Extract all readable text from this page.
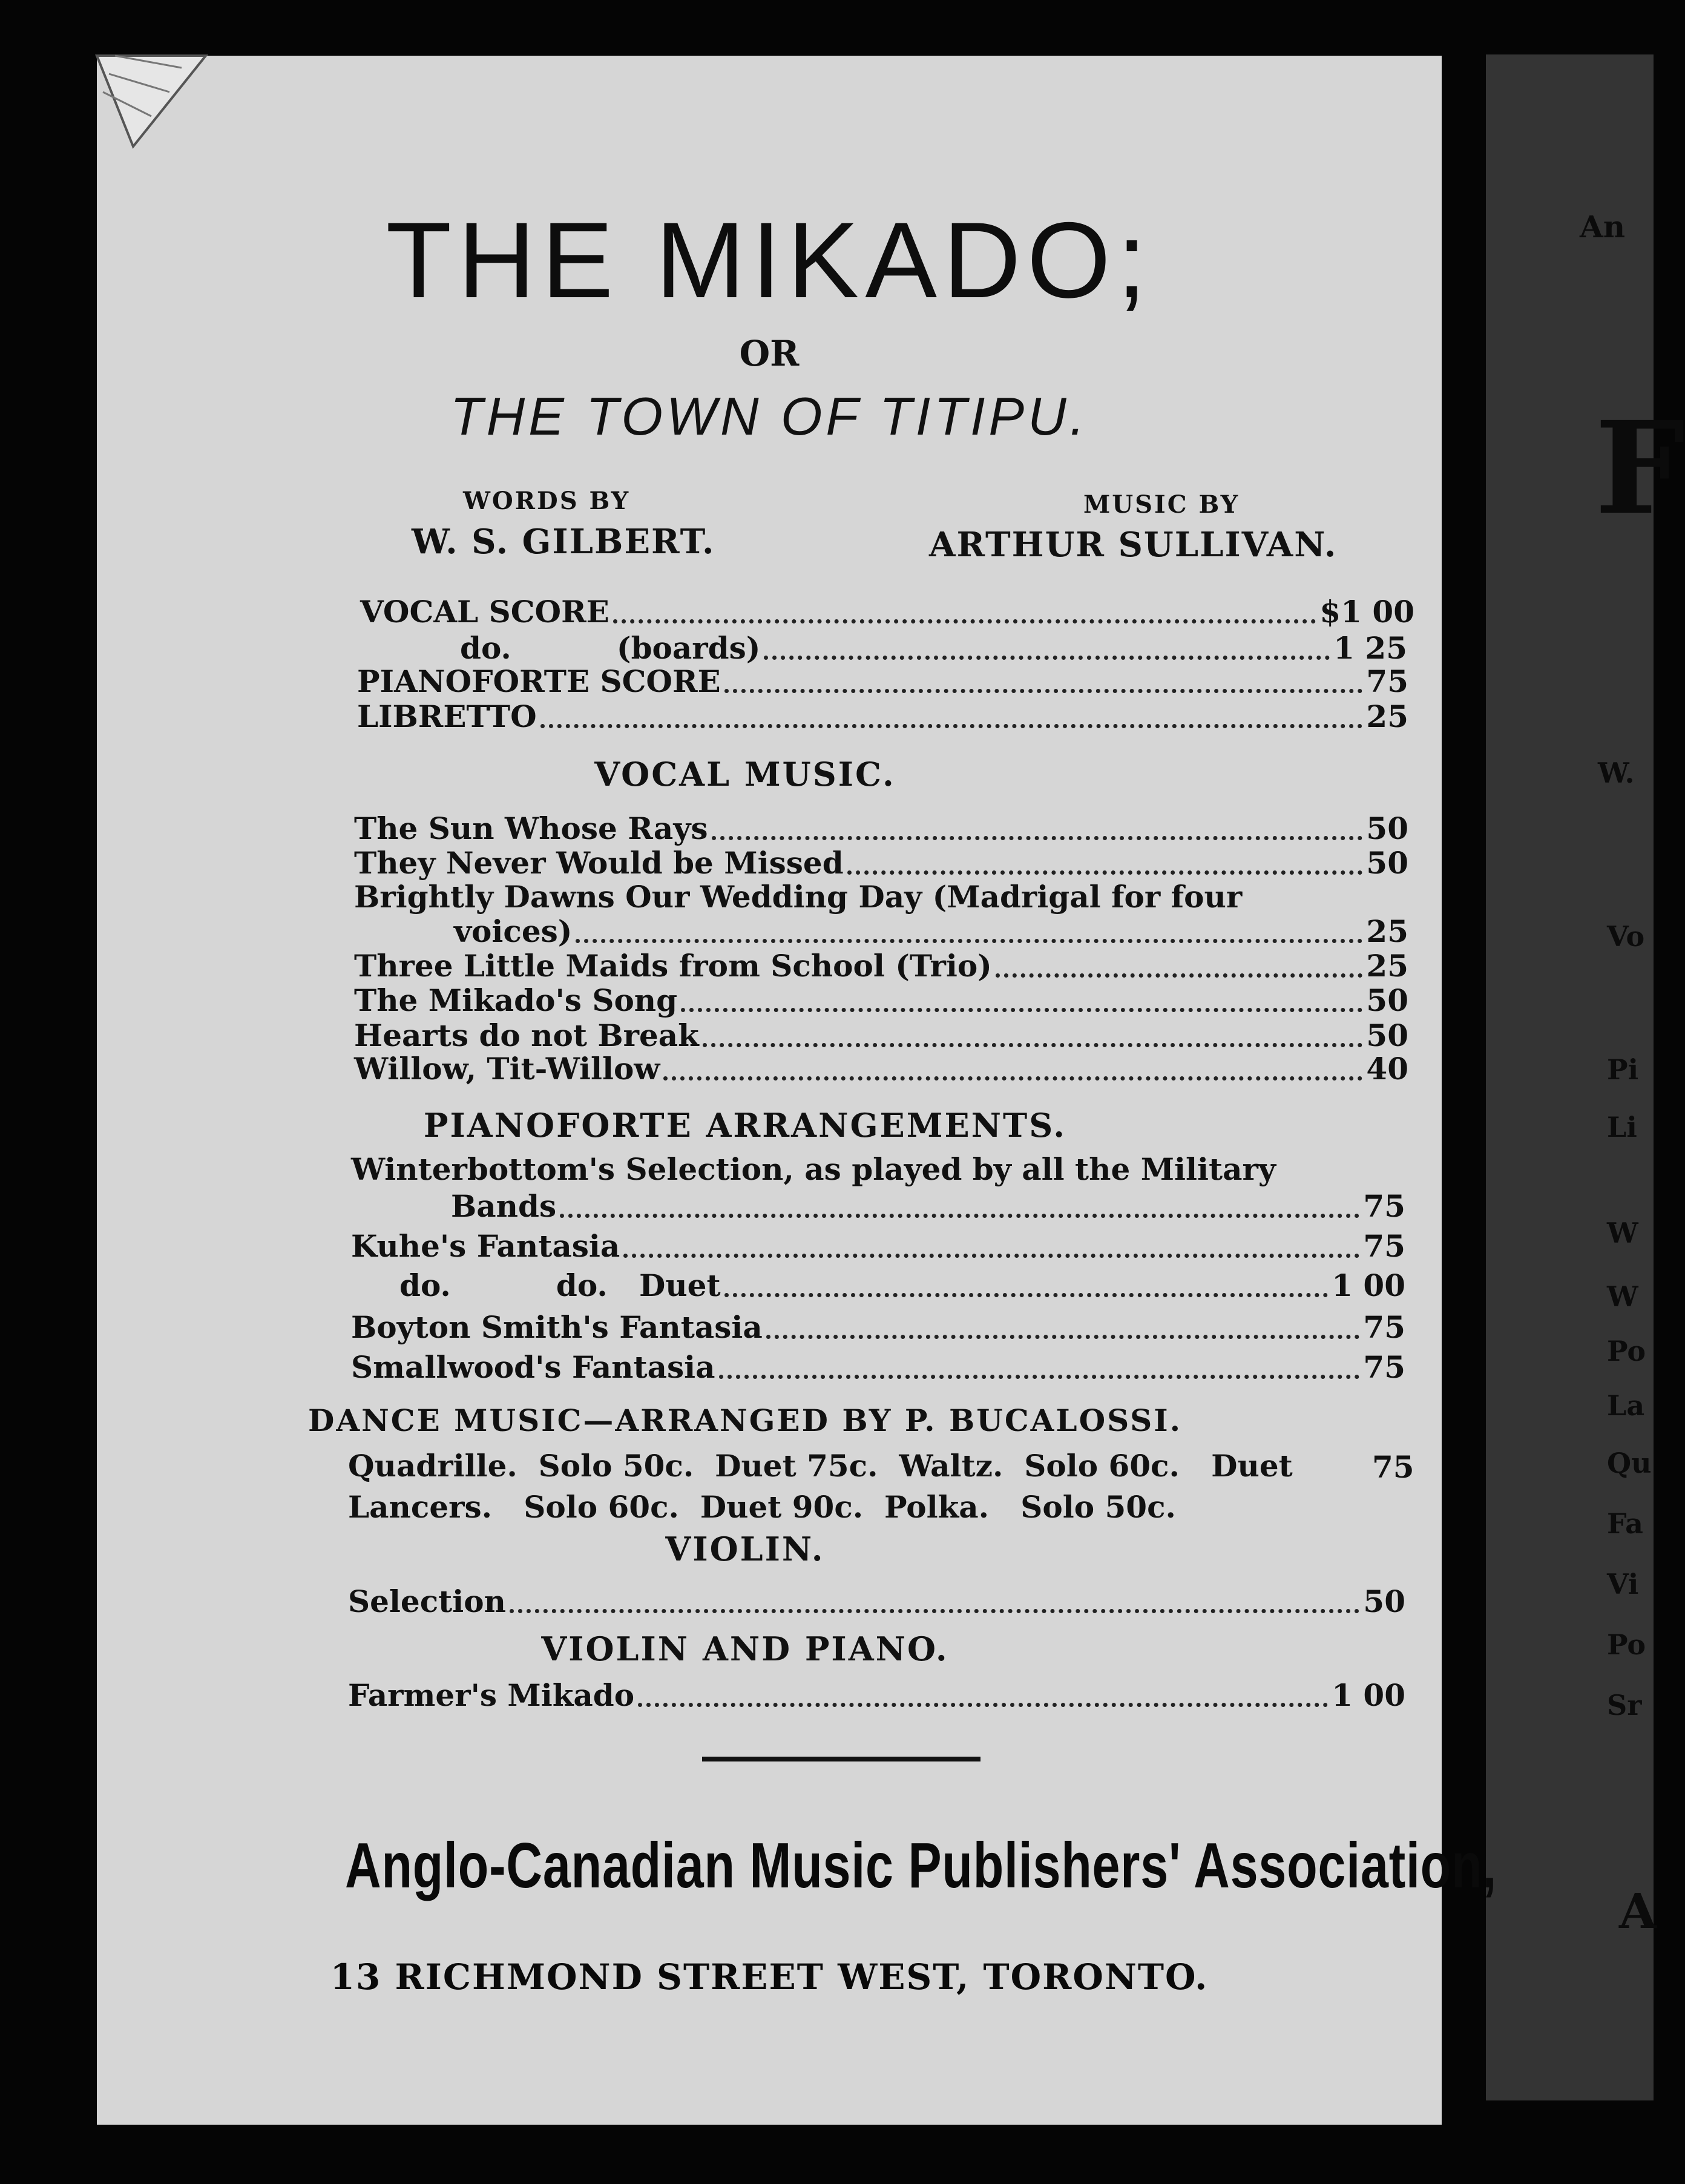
An
F
W.
Vo
Pi
Li
W
W
Po
La
Qu
Fa
Vi
Po
Sr
A
THE MIKADO;
OR
THE TOWN OF TITIPU.
WORDS BY
W. S. GILBERT.
MUSIC BY
ARTHUR SULLIVAN.
VOCAL SCORE	$1 00
do.          (boards)	1 25
PIANOFORTE SCORE	75
LIBRETTO	25
VOCAL MUSIC.
The Sun Whose Rays	50
They Never Would be Missed	50
Brightly Dawns Our Wedding Day (Madrigal for four
voices)	25
Three Little Maids from School (Trio)	25
The Mikado's Song	50
Hearts do not Break	50
Willow, Tit-Willow	40
PIANOFORTE ARRANGEMENTS.
Winterbottom's Selection, as played by all the Military
Bands	75
Kuhe's Fantasia	75
do.          do.   Duet	1 00
Boyton Smith's Fantasia	75
Smallwood's Fantasia	75
DANCE MUSIC—ARRANGED BY P. BUCALOSSI.
Quadrille.  Solo 50c.  Duet 75c.  Waltz.  Solo 60c.   Duet	75
Lancers.   Solo 60c.  Duet 90c.  Polka.   Solo 50c.
VIOLIN.
Selection	50
VIOLIN AND PIANO.
Farmer's Mikado	1 00
Anglo-Canadian Music Publishers' Association,
13 RICHMOND STREET WEST, TORONTO.
